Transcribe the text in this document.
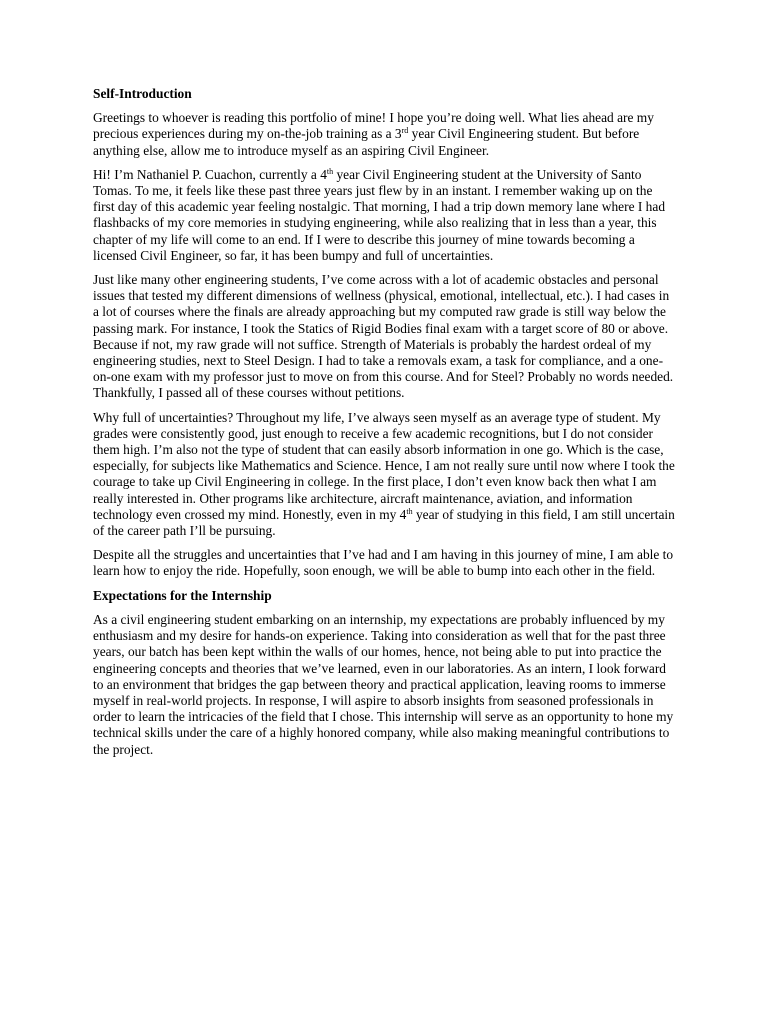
Self-Introduction

Greetings to whoever is reading this portfolio of mine! I hope you’re doing well. What lies ahead are my precious experiences during my on-the-job training as a 3rd year Civil Engineering student. But before anything else, allow me to introduce myself as an aspiring Civil Engineer.

Hi! I’m Nathaniel P. Cuachon, currently a 4th year Civil Engineering student at the University of Santo Tomas. To me, it feels like these past three years just flew by in an instant. I remember waking up on the first day of this academic year feeling nostalgic. That morning, I had a trip down memory lane where I had flashbacks of my core memories in studying engineering, while also realizing that in less than a year, this chapter of my life will come to an end. If I were to describe this journey of mine towards becoming a licensed Civil Engineer, so far, it has been bumpy and full of uncertainties.

Just like many other engineering students, I’ve come across with a lot of academic obstacles and personal issues that tested my different dimensions of wellness (physical, emotional, intellectual, etc.). I had cases in a lot of courses where the finals are already approaching but my computed raw grade is still way below the passing mark. For instance, I took the Statics of Rigid Bodies final exam with a target score of 80 or above. Because if not, my raw grade will not suffice. Strength of Materials is probably the hardest ordeal of my engineering studies, next to Steel Design. I had to take a removals exam, a task for compliance, and a one-on-one exam with my professor just to move on from this course. And for Steel? Probably no words needed. Thankfully, I passed all of these courses without petitions.

Why full of uncertainties? Throughout my life, I’ve always seen myself as an average type of student. My grades were consistently good, just enough to receive a few academic recognitions, but I do not consider them high. I’m also not the type of student that can easily absorb information in one go. Which is the case, especially, for subjects like Mathematics and Science. Hence, I am not really sure until now where I took the courage to take up Civil Engineering in college. In the first place, I don’t even know back then what I am really interested in. Other programs like architecture, aircraft maintenance, aviation, and information technology even crossed my mind. Honestly, even in my 4th year of studying in this field, I am still uncertain of the career path I’ll be pursuing.

Despite all the struggles and uncertainties that I’ve had and I am having in this journey of mine, I am able to learn how to enjoy the ride. Hopefully, soon enough, we will be able to bump into each other in the field.

Expectations for the Internship

As a civil engineering student embarking on an internship, my expectations are probably influenced by my enthusiasm and my desire for hands-on experience. Taking into consideration as well that for the past three years, our batch has been kept within the walls of our homes, hence, not being able to put into practice the engineering concepts and theories that we’ve learned, even in our laboratories. As an intern, I look forward to an environment that bridges the gap between theory and practical application, leaving rooms to immerse myself in real-world projects. In response, I will aspire to absorb insights from seasoned professionals in order to learn the intricacies of the field that I chose. This internship will serve as an opportunity to hone my technical skills under the care of a highly honored company, while also making meaningful contributions to the project.
